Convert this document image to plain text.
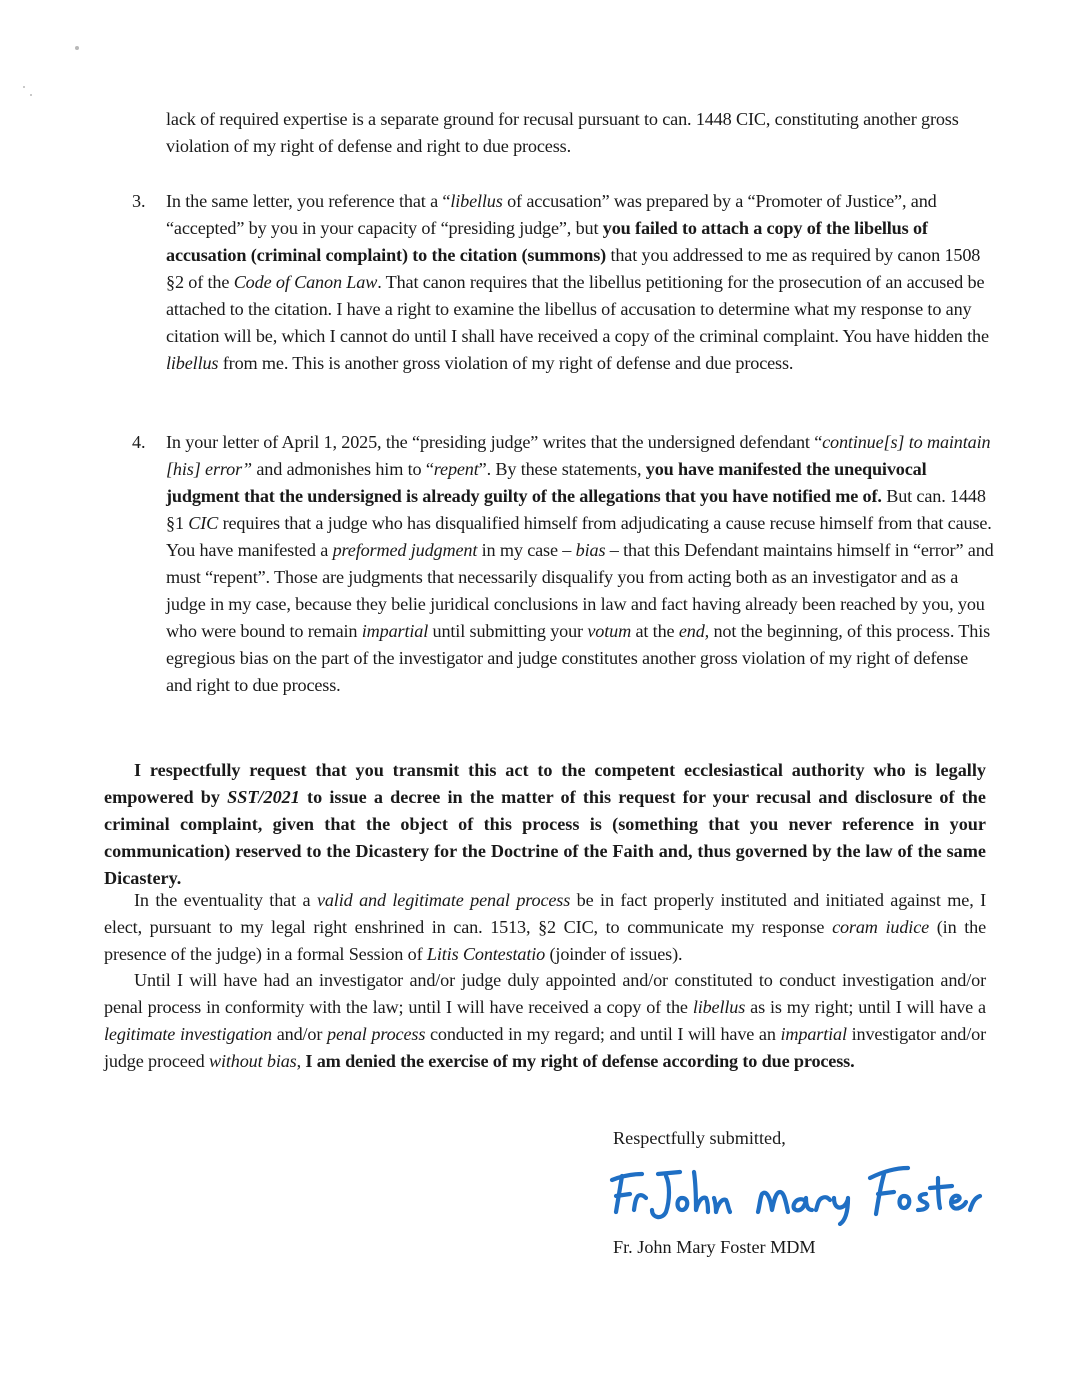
lack of required expertise is a separate ground for recusal pursuant to can. 1448 CIC, constituting another gross violation of my right of defense and right to due process.
3.	In the same letter, you reference that a “libellus of accusation” was prepared by a “Promoter of Justice”, and “accepted” by you in your capacity of “presiding judge”, but you failed to attach a copy of the libellus of accusation (criminal complaint) to the citation (summons) that you addressed to me as required by canon 1508 §2 of the Code of Canon Law. That canon requires that the libellus petitioning for the prosecution of an accused be attached to the citation. I have a right to examine the libellus of accusation to determine what my response to any citation will be, which I cannot do until I shall have received a copy of the criminal complaint. You have hidden the libellus from me. This is another gross violation of my right of defense and due process.
4.	In your letter of April 1, 2025, the “presiding judge” writes that the undersigned defendant “continue[s] to maintain [his] error” and admonishes him to “repent”. By these statements, you have manifested the unequivocal judgment that the undersigned is already guilty of the allegations that you have notified me of. But can. 1448 §1 CIC requires that a judge who has disqualified himself from adjudicating a cause recuse himself from that cause. You have manifested a preformed judgment in my case – bias – that this Defendant maintains himself in “error” and must “repent”. Those are judgments that necessarily disqualify you from acting both as an investigator and as a judge in my case, because they belie juridical conclusions in law and fact having already been reached by you, you who were bound to remain impartial until submitting your votum at the end, not the beginning, of this process. This egregious bias on the part of the investigator and judge constitutes another gross violation of my right of defense and right to due process.
I respectfully request that you transmit this act to the competent ecclesiastical authority who is legally empowered by SST/2021 to issue a decree in the matter of this request for your recusal and disclosure of the criminal complaint, given that the object of this process is (something that you never reference in your communication) reserved to the Dicastery for the Doctrine of the Faith and, thus governed by the law of the same Dicastery.
In the eventuality that a valid and legitimate penal process be in fact properly instituted and initiated against me, I elect, pursuant to my legal right enshrined in can. 1513, §2 CIC, to communicate my response coram iudice (in the presence of the judge) in a formal Session of Litis Contestatio (joinder of issues).
Until I will have had an investigator and/or judge duly appointed and/or constituted to conduct investigation and/or penal process in conformity with the law; until I will have received a copy of the libellus as is my right; until I will have a legitimate investigation and/or penal process conducted in my regard; and until I will have an impartial investigator and/or judge proceed without bias, I am denied the exercise of my right of defense according to due process.
Respectfully submitted,
Fr. John Mary Foster MDM
